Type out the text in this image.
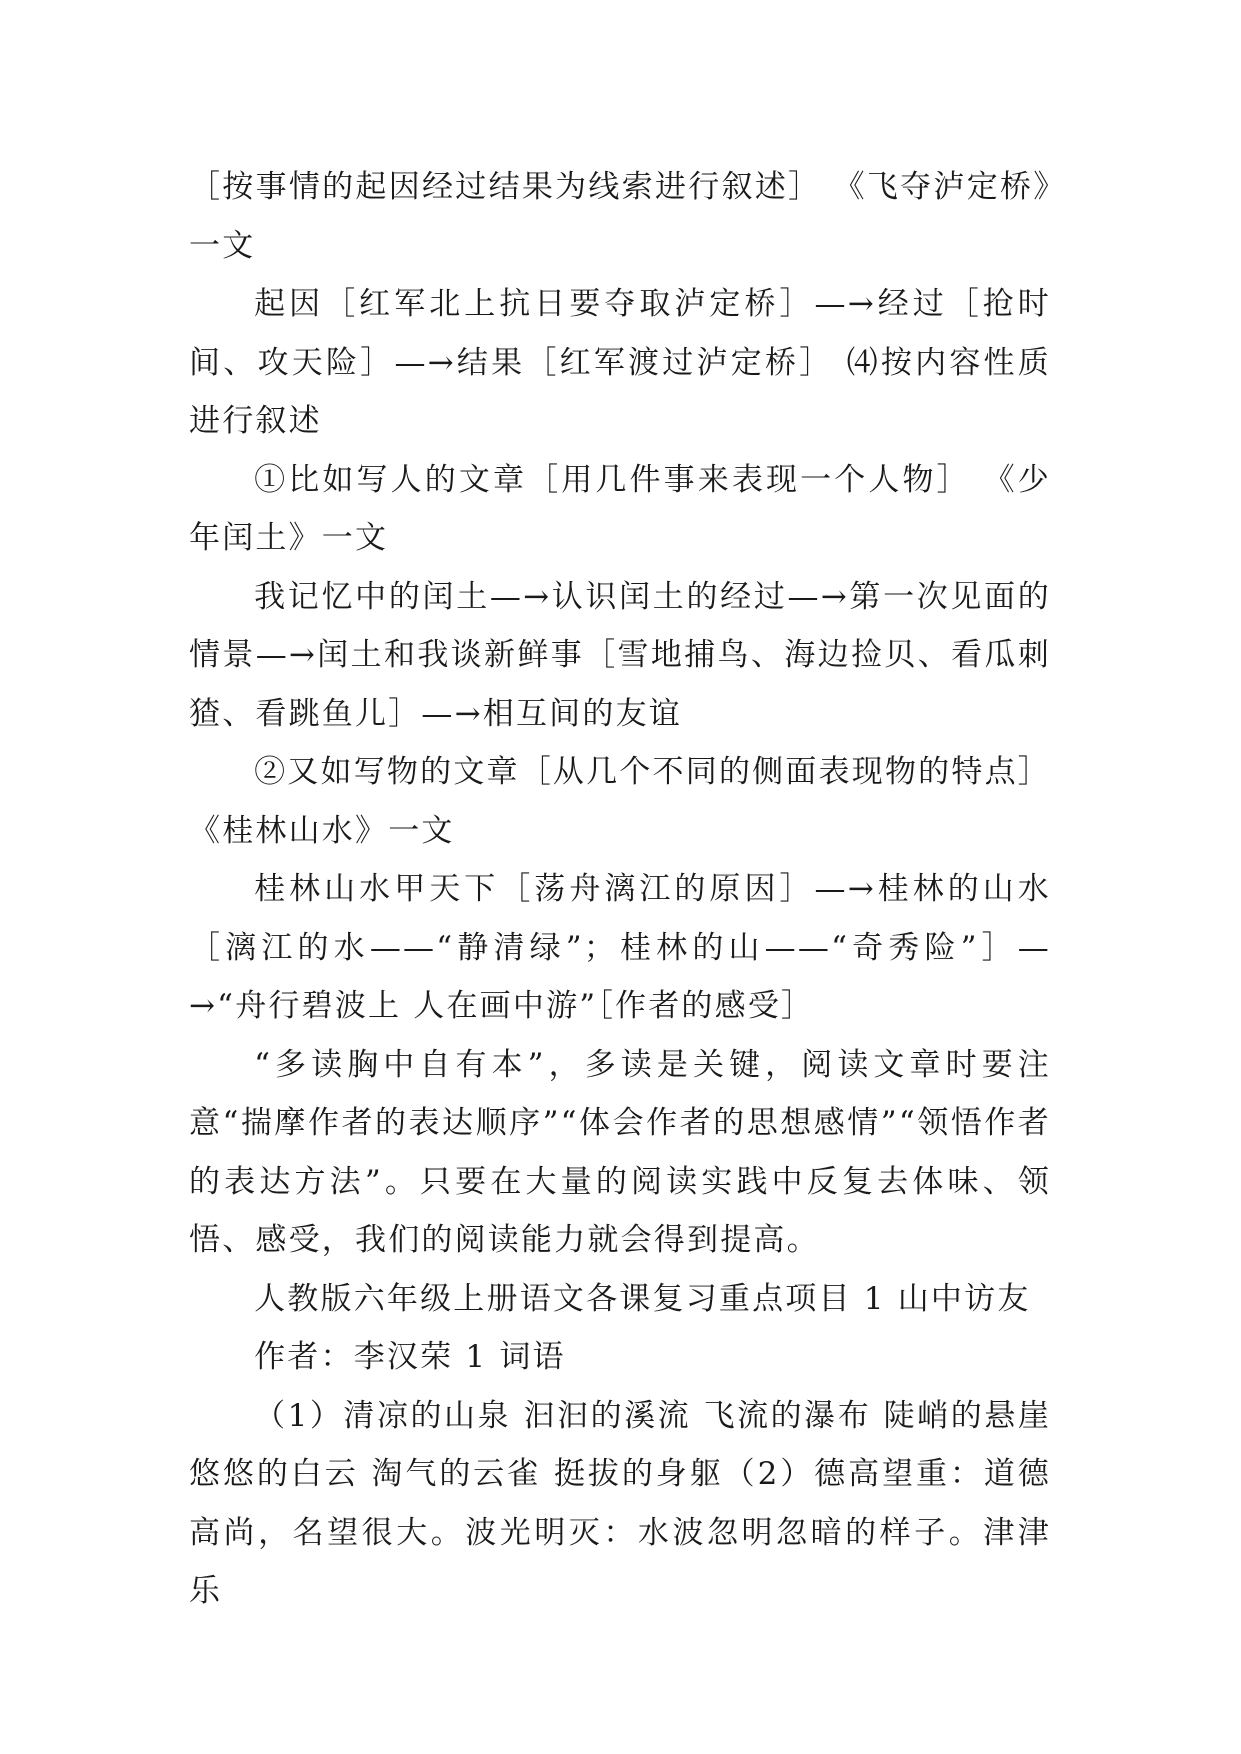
［按事情的起因经过结果为线索进行叙述］ 《飞夺泸定桥》一文

起因［红军北上抗日要夺取泸定桥］—→经过［抢时间、攻天险］—→结果［红军渡过泸定桥］ ⑷按内容性质进行叙述

①比如写人的文章［用几件事来表现一个人物］ 《少年闰土》一文

我记忆中的闰土—→认识闰土的经过—→第一次见面的情景—→闰土和我谈新鲜事［雪地捕鸟、海边捡贝、看瓜刺猹、看跳鱼儿］—→相互间的友谊

②又如写物的文章［从几个不同的侧面表现物的特点］《桂林山水》一文

桂林山水甲天下［荡舟漓江的原因］—→桂林的山水［漓江的水——“静清绿”；桂林的山——“奇秀险”］—→“舟行碧波上 人在画中游”［作者的感受］

“多读胸中自有本”，多读是关键，阅读文章时要注意“揣摩作者的表达顺序”“体会作者的思想感情”“领悟作者的表达方法”。只要在大量的阅读实践中反复去体味、领悟、感受，我们的阅读能力就会得到提高。

人教版六年级上册语文各课复习重点项目 1 山中访友

作者：李汉荣 1 词语

（1）清凉的山泉 汩汩的溪流 飞流的瀑布 陡峭的悬崖 悠悠的白云 淘气的云雀 挺拔的身躯（2）德高望重：道德高尚，名望很大。波光明灭：水波忽明忽暗的样子。津津乐
